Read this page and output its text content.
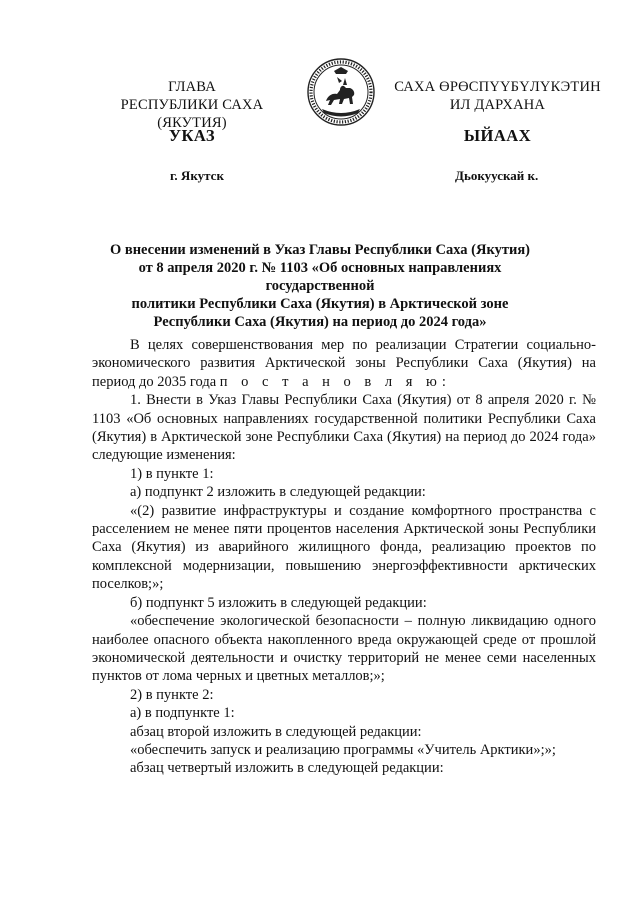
ГЛАВА
РЕСПУБЛИКИ САХА (ЯКУТИЯ)
УКАЗ
г. Якутск
САХА ӨРӨСПҮҮБҮЛҮКЭТИН
ИЛ ДАРХАНА
ЫЙААХ
Дьокуускай к.
О внесении изменений в Указ Главы Республики Саха (Якутия)
от 8 апреля 2020 г. № 1103 «Об основных направлениях государственной
политики Республики Саха (Якутия) в Арктической зоне
Республики Саха (Якутия) на период до 2024 года»

В целях совершенствования мер по реализации Стратегии социально-экономического развития Арктической зоны Республики Саха (Якутия) на период до 2035 года п о с т а н о в л я ю:

1. Внести в Указ Главы Республики Саха (Якутия) от 8 апреля 2020 г. № 1103 «Об основных направлениях государственной политики Республики Саха (Якутия) в Арктической зоне Республики Саха (Якутия) на период до 2024 года» следующие изменения:

1) в пункте 1:

а) подпункт 2 изложить в следующей редакции:

«(2) развитие инфраструктуры и создание комфортного пространства с расселением не менее пяти процентов населения Арктической зоны Республики Саха (Якутия) из аварийного жилищного фонда, реализацию проектов по комплексной модернизации, повышению энергоэффективности арктических поселков;»;

б) подпункт 5 изложить в следующей редакции:

«обеспечение экологической безопасности – полную ликвидацию одного наиболее опасного объекта накопленного вреда окружающей среде от прошлой экономической деятельности и очистку территорий не менее семи населенных пунктов от лома черных и цветных металлов;»;

2) в пункте 2:

а) в подпункте 1:

абзац второй изложить в следующей редакции:

«обеспечить запуск и реализацию программы «Учитель Арктики»;»;

абзац четвертый изложить в следующей редакции:
